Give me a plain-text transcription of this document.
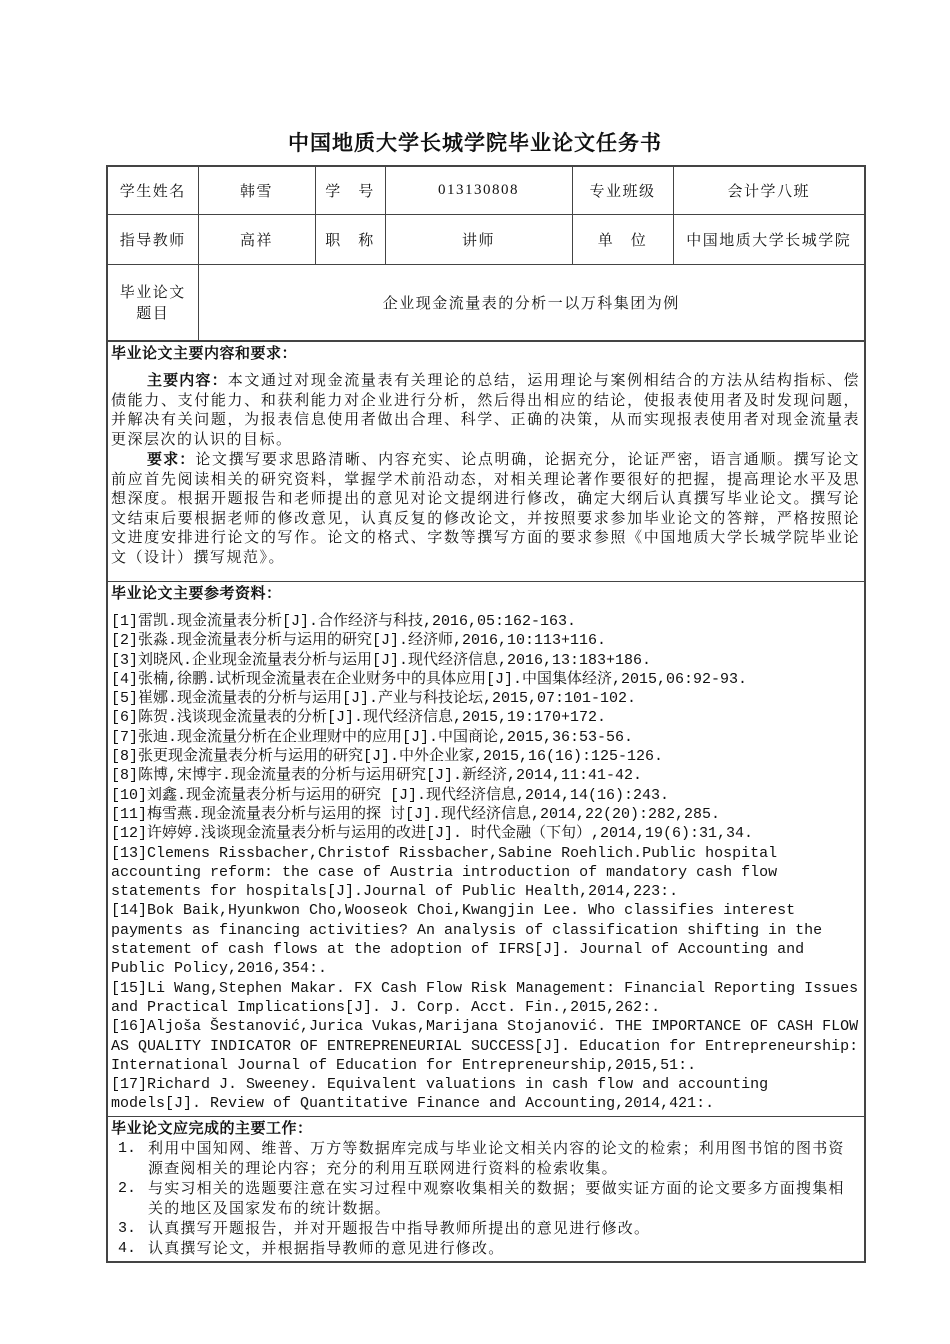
中国地质大学长城学院毕业论文任务书
学生姓名	韩雪	学　号	013130808	专业班级	会计学八班
指导教师	高祥	职　称	讲师	单　位	中国地质大学长城学院

毕业论文
题目	企业现金流量表的分析一以万科集团为例				
毕业论文主要内容和要求：

主要内容：本文通过对现金流量表有关理论的总结，运用理论与案例相结合的方法从结构指标、偿债能力、支付能力、和获利能力对企业进行分析，然后得出相应的结论，使报表使用者及时发现问题，并解决有关问题，为报表信息使用者做出合理、科学、正确的决策，从而实现报表使用者对现金流量表更深层次的认识的目标。

要求：论文撰写要求思路清晰、内容充实、论点明确，论据充分，论证严密，语言通顺。撰写论文前应首先阅读相关的研究资料，掌握学术前沿动态，对相关理论著作要很好的把握，提高理论水平及思想深度。根据开题报告和老师提出的意见对论文提纲进行修改，确定大纲后认真撰写毕业论文。撰写论文结束后要根据老师的修改意见，认真反复的修改论文，并按照要求参加毕业论文的答辩，严格按照论文进度安排进行论文的写作。论文的格式、字数等撰写方面的要求参照《中国地质大学长城学院毕业论文（设计）撰写规范》。

毕业论文主要参考资料：

[1]雷凯.现金流量表分析[J].合作经济与科技,2016,05:162-163.

[2]张淼.现金流量表分析与运用的研究[J].经济师,2016,10:113+116.

[3]刘晓风.企业现金流量表分析与运用[J].现代经济信息,2016,13:183+186.

[4]张楠,徐鹏.试析现金流量表在企业财务中的具体应用[J].中国集体经济,2015,06:92-93.

[5]崔娜.现金流量表的分析与运用[J].产业与科技论坛,2015,07:101-102.

[6]陈贺.浅谈现金流量表的分析[J].现代经济信息,2015,19:170+172.

[7]张迪.现金流量分析在企业理财中的应用[J].中国商论,2015,36:53-56.

[8]张更现金流量表分析与运用的研究[J].中外企业家,2015,16(16):125-126.

[8]陈博,宋博宇.现金流量表的分析与运用研究[J].新经济,2014,11:41-42.

[10]刘鑫.现金流量表分析与运用的研究 [J].现代经济信息,2014,14(16):243.

[11]梅雪燕.现金流量表分析与运用的探 讨[J].现代经济信息,2014,22(20):282,285.

[12]许婷婷.浅谈现金流量表分析与运用的改进[J]. 时代金融（下旬）,2014,19(6):31,34.

[13]Clemens Rissbacher,Christof Rissbacher,Sabine Roehlich.Public hospital accounting reform: the case of Austria introduction of mandatory cash flow statements for hospitals[J].Journal of Public Health,2014,223:.

[14]Bok Baik,Hyunkwon Cho,Wooseok Choi,Kwangjin Lee. Who classifies interest payments as financing activities? An analysis of classification shifting in the statement of cash flows at the adoption of IFRS[J]. Journal of Accounting and Public Policy,2016,354:.

[15]Li Wang,Stephen Makar. FX Cash Flow Risk Management: Financial Reporting Issues and Practical Implications[J]. J. Corp. Acct. Fin.,2015,262:.

[16]Aljoša Šestanović,Jurica Vukas,Marijana Stojanović. THE IMPORTANCE OF CASH FLOW AS QUALITY INDICATOR OF ENTREPRENEURIAL SUCCESS[J]. Education for Entrepreneurship: International Journal of Education for Entrepreneurship,2015,51:.

[17]Richard J. Sweeney. Equivalent valuations in cash flow and accounting models[J]. Review of Quantitative Finance and Accounting,2014,421:.

毕业论文应完成的主要工作：
1. 利用中国知网、维普、万方等数据库完成与毕业论文相关内容的论文的检索；利用图书馆的图书资源查阅相关的理论内容；充分的利用互联网进行资料的检索收集。
2. 与实习相关的选题要注意在实习过程中观察收集相关的数据；要做实证方面的论文要多方面搜集相关的地区及国家发布的统计数据。
3. 认真撰写开题报告，并对开题报告中指导教师所提出的意见进行修改。
4. 认真撰写论文，并根据指导教师的意见进行修改。
